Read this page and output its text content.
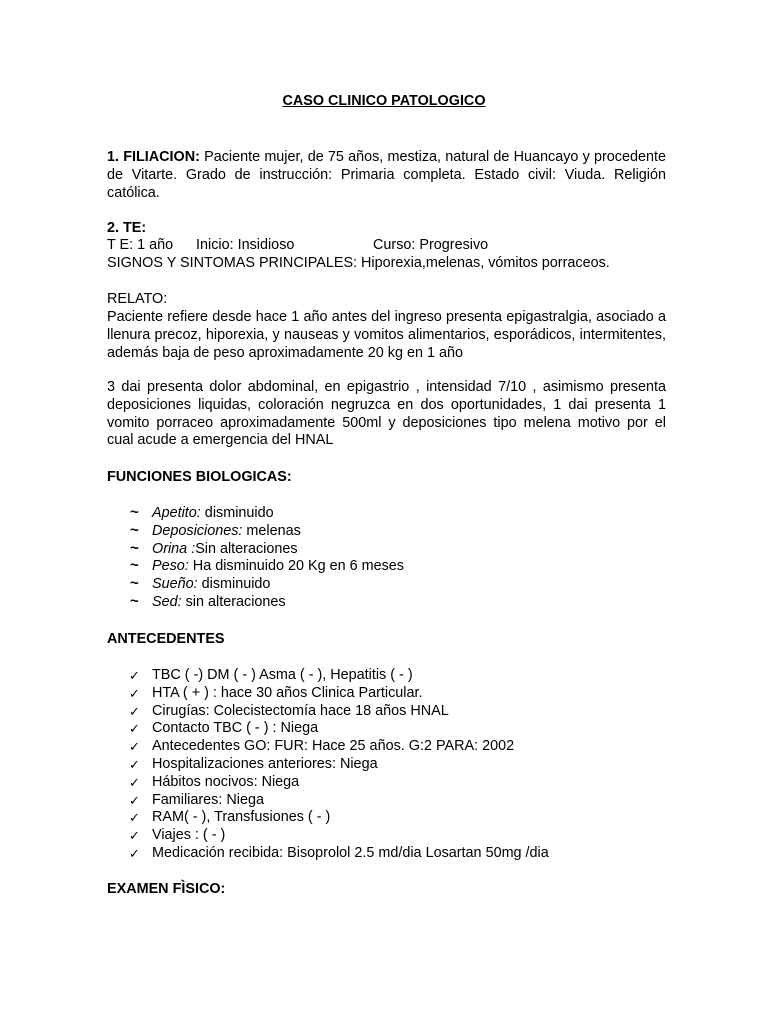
CASO CLINICO PATOLOGICO

1. FILIACION: Paciente mujer, de 75 años, mestiza, natural de Huancayo y procedente de Vitarte. Grado de instrucción: Primaria completa. Estado civil: Viuda. Religión católica.

2. TE:

T E: 1 año Inicio: Insidioso	Curso: Progresivo

SIGNOS Y SINTOMAS PRINCIPALES: Hiporexia,melenas, vómitos porraceos.

RELATO:

Paciente refiere desde hace 1 año antes del ingreso presenta epigastralgia, asociado a llenura precoz, hiporexia, y nauseas y vomitos alimentarios, esporádicos, intermitentes, además baja de peso aproximadamente 20 kg en 1 año

3 dai presenta dolor abdominal, en epigastrio , intensidad 7/10 , asimismo presenta deposiciones liquidas, coloración negruzca en dos oportunidades, 1 dai presenta 1 vomito porraceo aproximadamente 500ml y deposiciones tipo melena motivo por el cual acude a emergencia del HNAL

FUNCIONES BIOLOGICAS:

~ Apetito: disminuido
~ Deposiciones: melenas
~ Orina :Sin alteraciones
~ Peso: Ha disminuido 20 Kg en 6 meses
~ Sueño: disminuido
~ Sed: sin alteraciones

ANTECEDENTES

✓ TBC ( -) DM ( - ) Asma ( - ), Hepatitis ( - )
✓ HTA ( + ) : hace 30 años Clinica Particular.
✓ Cirugías: Colecistectomía hace 18 años HNAL
✓ Contacto TBC ( - ) : Niega
✓ Antecedentes GO: FUR: Hace 25 años. G:2 PARA: 2002
✓ Hospitalizaciones anteriores: Niega
✓ Hábitos nocivos: Niega
✓ Familiares: Niega
✓ RAM( - ), Transfusiones ( - )
✓ Viajes : ( - )
✓ Medicación recibida: Bisoprolol 2.5 md/dia Losartan 50mg /dia

EXAMEN FÌSICO:
